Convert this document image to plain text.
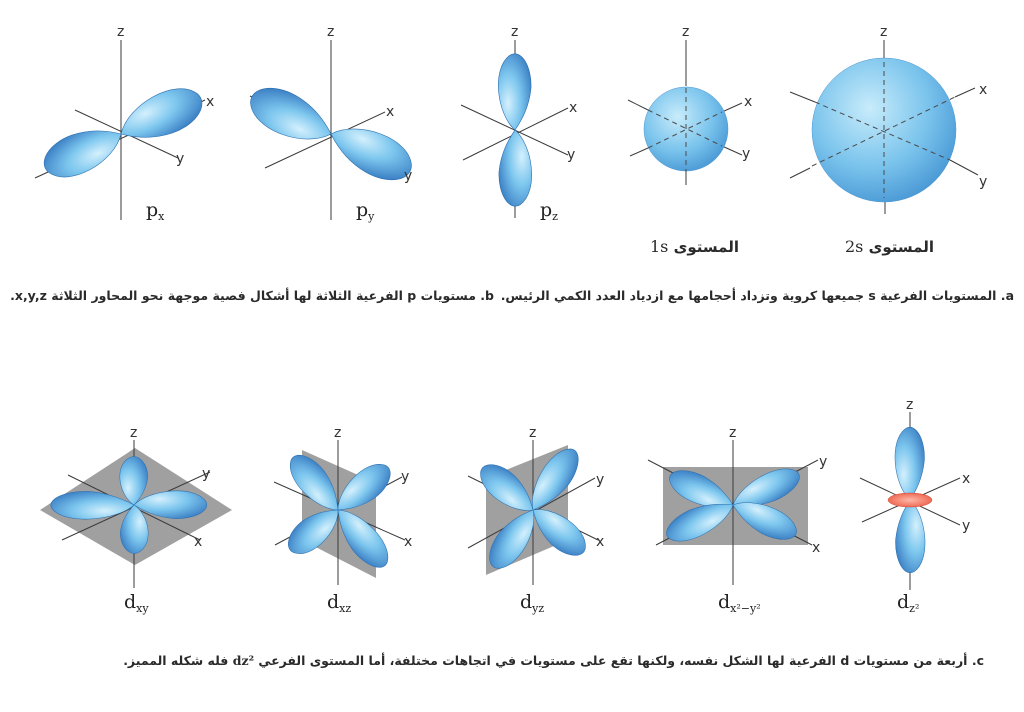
z
x
y
$p_x$
z
x
y
$p_y$
z
x
y
$p_z$
z
x
y
z
x
y
z
y
x
$d_{xy}$
z
y
x
$d_{xz}$
z
y
x
$d_{yz}$
z
y
x
$d_{x^2-y^2}$
z
x
y
$d_{z^2}$
المستوى 1s	المستوى 2s
a. المستويات الفرعية s جميعها كروية وتزداد أحجامها مع ازدياد العدد الكمي الرئيس.
b. مستويات p الفرعية الثلاثة لها أشكال فصية موجهة نحو المحاور الثلاثة x,y,z.
c. أربعة من مستويات d الفرعية لها الشكل نفسه، ولكنها تقع على مستويات في اتجاهات مختلفة، أما المستوى الفرعي dz² فله شكله المميز.
